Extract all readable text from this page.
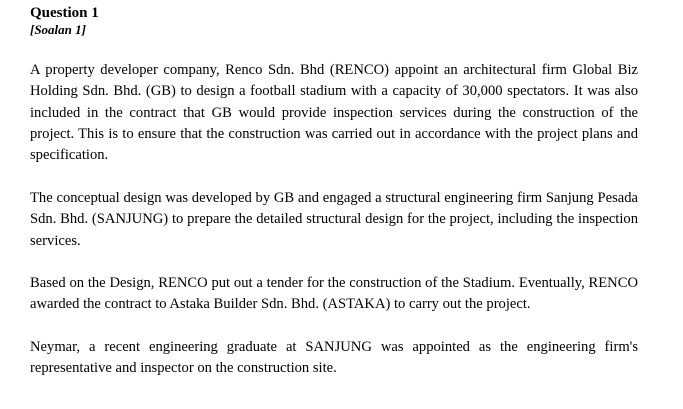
Question 1

[Soalan 1]

A property developer company, Renco Sdn. Bhd (RENCO) appoint an architectural firm Global Biz Holding Sdn. Bhd. (GB) to design a football stadium with a capacity of 30,000 spectators. It was also included in the contract that GB would provide inspection services during the construction of the project. This is to ensure that the construction was carried out in accordance with the project plans and specification.

The conceptual design was developed by GB and engaged a structural engineering firm Sanjung Pesada Sdn. Bhd. (SANJUNG) to prepare the detailed structural design for the project, including the inspection services.

Based on the Design, RENCO put out a tender for the construction of the Stadium. Eventually, RENCO awarded the contract to Astaka Builder Sdn. Bhd. (ASTAKA) to carry out the project.

Neymar, a recent engineering graduate at SANJUNG was appointed as the engineering firm's representative and inspector on the construction site.
